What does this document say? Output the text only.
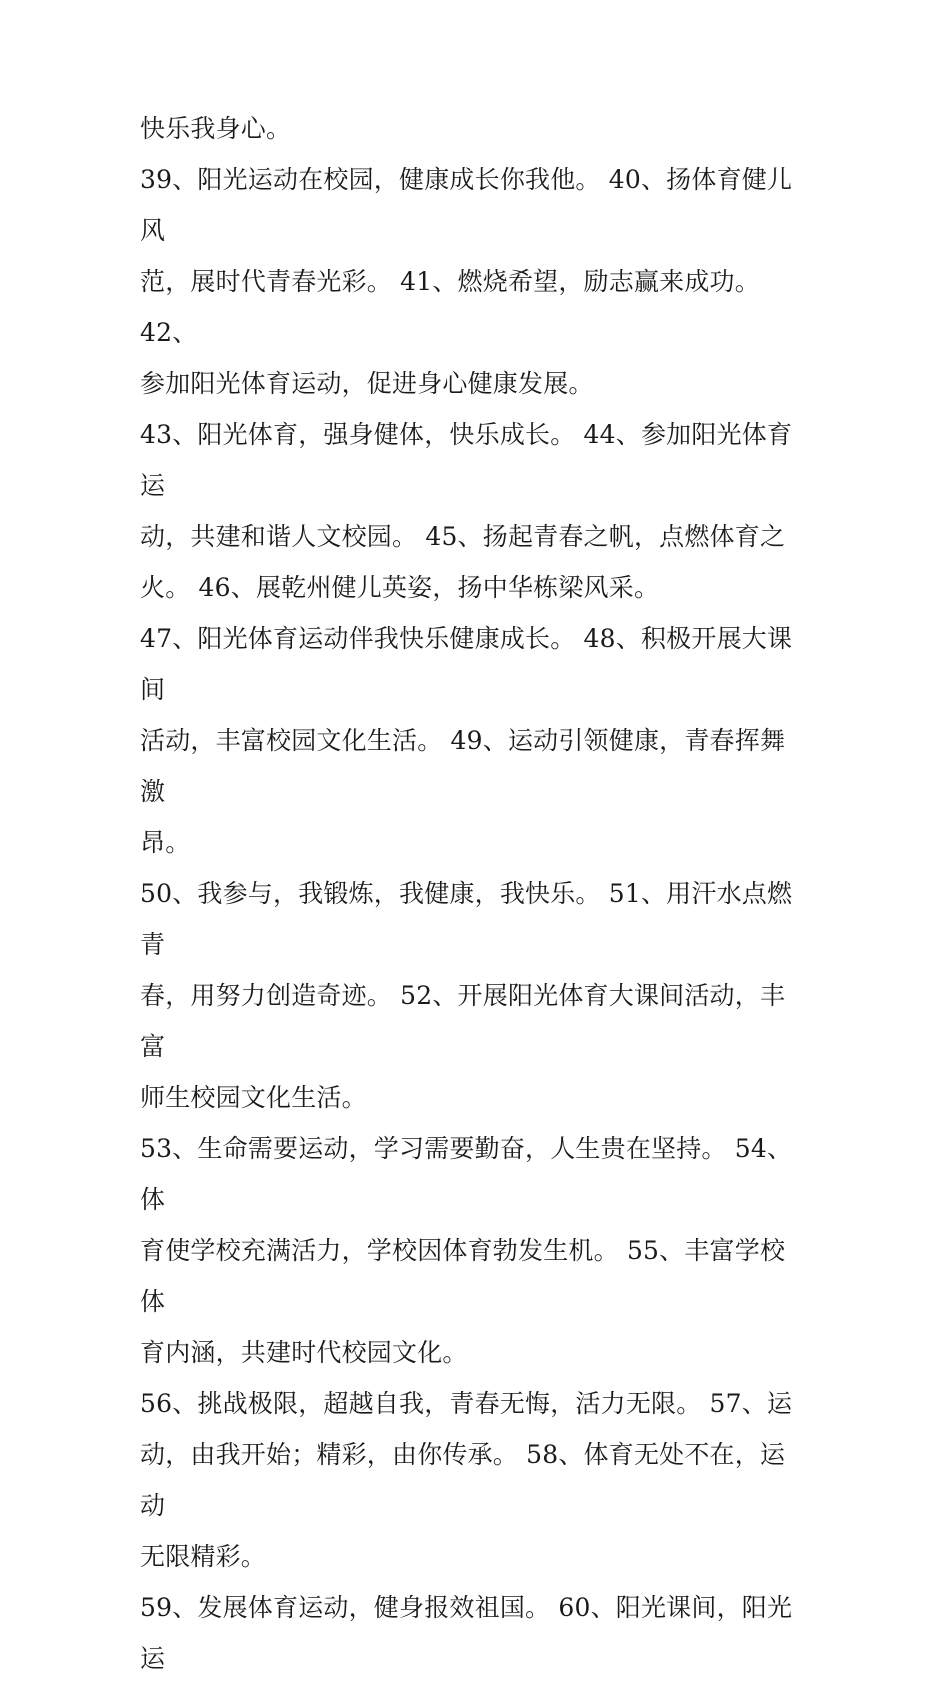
快乐我身心。

39、阳光运动在校园，健康成长你我他。 40、扬体育健儿风
范，展时代青春光彩。 41、燃烧希望，励志赢来成功。 42、
参加阳光体育运动，促进身心健康发展。

43、阳光体育，强身健体，快乐成长。 44、参加阳光体育运
动，共建和谐人文校园。 45、扬起青春之帆，点燃体育之
火。 46、展乾州健儿英姿，扬中华栋梁风采。

47、阳光体育运动伴我快乐健康成长。 48、积极开展大课间
活动，丰富校园文化生活。 49、运动引领健康，青春挥舞激
昂。

50、我参与，我锻炼，我健康，我快乐。 51、用汗水点燃青
春，用努力创造奇迹。 52、开展阳光体育大课间活动，丰富
师生校园文化生活。

53、生命需要运动，学习需要勤奋，人生贵在坚持。 54、体
育使学校充满活力，学校因体育勃发生机。 55、丰富学校体
育内涵，共建时代校园文化。

56、挑战极限，超越自我，青春无悔，活力无限。 57、运
动，由我开始；精彩，由你传承。 58、体育无处不在，运动
无限精彩。

59、发展体育运动，健身报效祖国。 60、阳光课间，阳光运
